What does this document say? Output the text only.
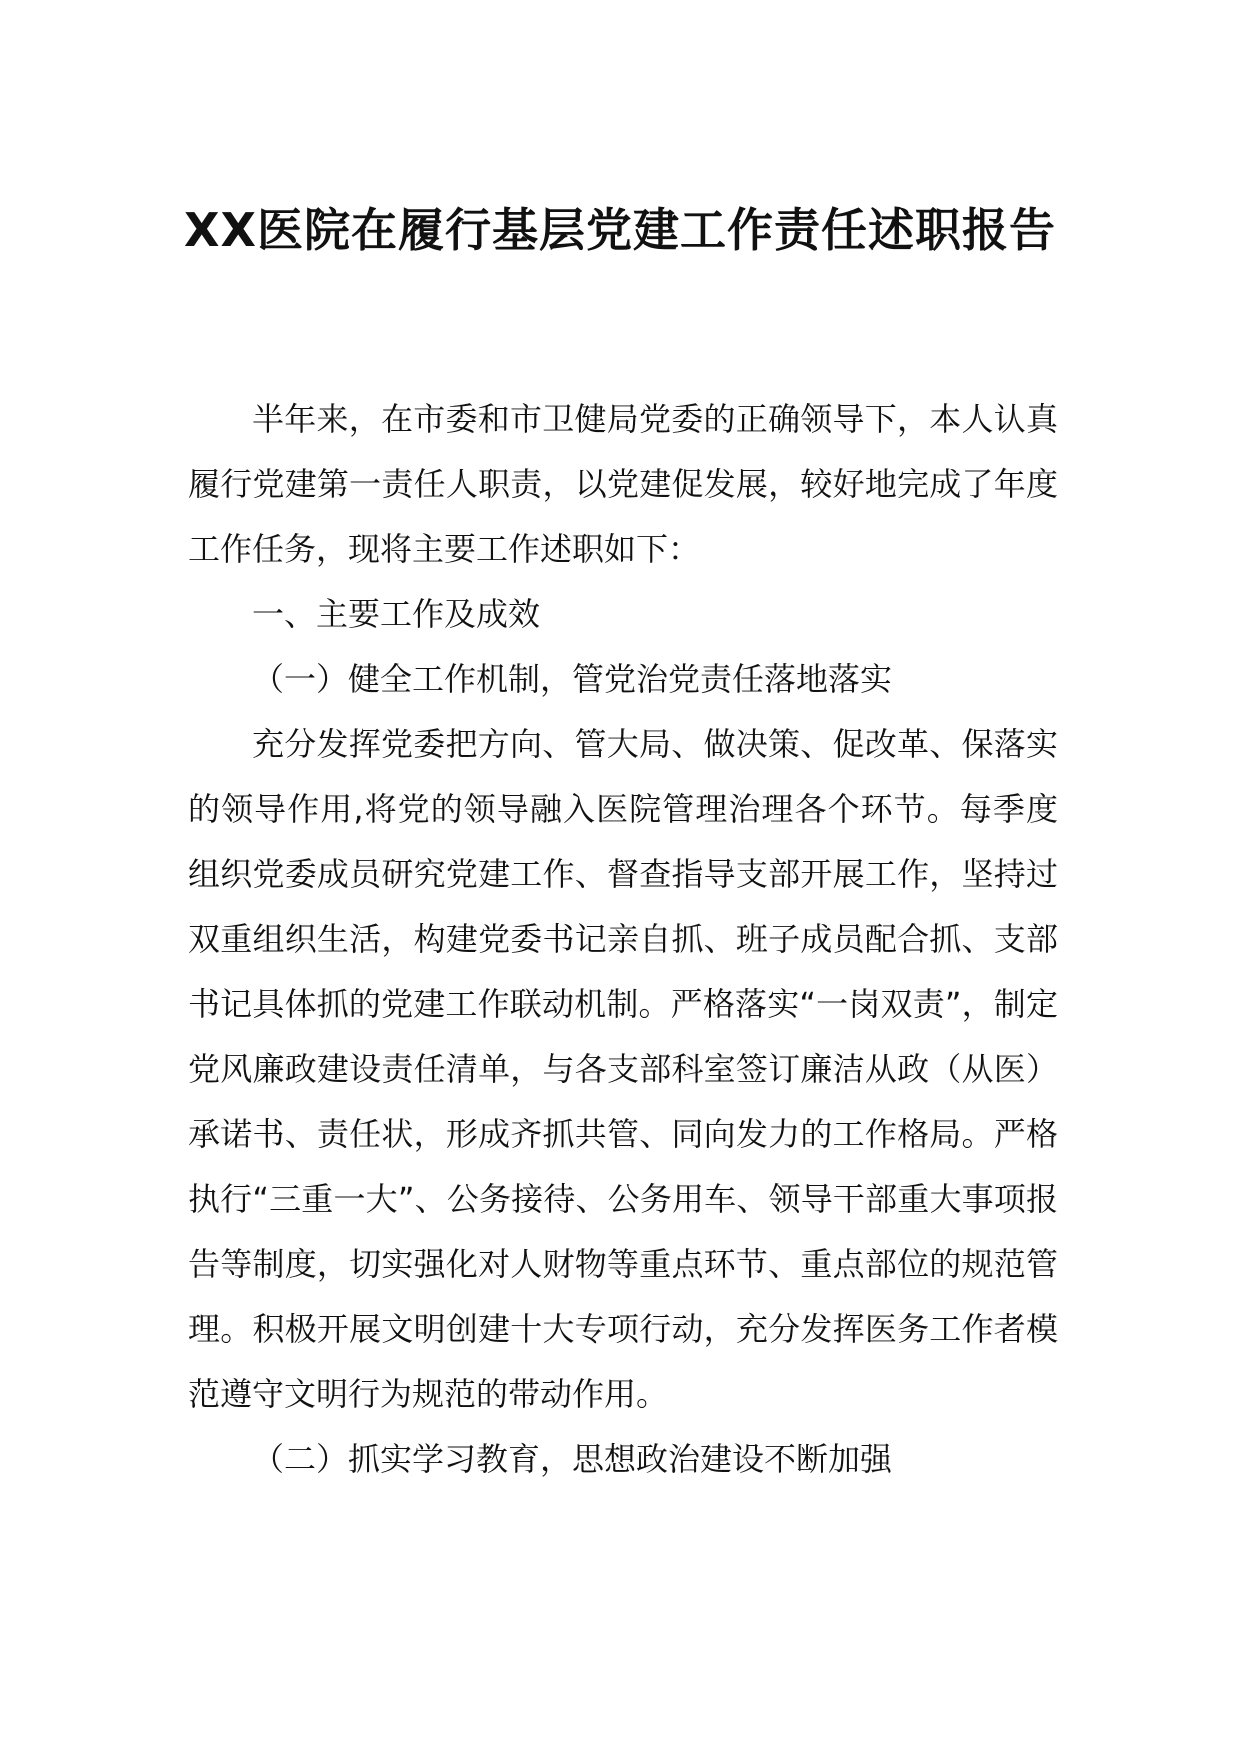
XX医院在履行基层党建工作责任述职报告

半年来，在市委和市卫健局党委的正确领导下，本人认真履行党建第一责任人职责，以党建促发展，较好地完成了年度工作任务，现将主要工作述职如下：

一、主要工作及成效

（一）健全工作机制，管党治党责任落地落实

充分发挥党委把方向、管大局、做决策、促改革、保落实的领导作用,将党的领导融入医院管理治理各个环节。每季度组织党委成员研究党建工作、督查指导支部开展工作，坚持过双重组织生活，构建党委书记亲自抓、班子成员配合抓、支部书记具体抓的党建工作联动机制。严格落实“一岗双责”，制定党风廉政建设责任清单，与各支部科室签订廉洁从政（从医）承诺书、责任状，形成齐抓共管、同向发力的工作格局。严格执行“三重一大”、公务接待、公务用车、领导干部重大事项报告等制度，切实强化对人财物等重点环节、重点部位的规范管理。积极开展文明创建十大专项行动，充分发挥医务工作者模范遵守文明行为规范的带动作用。

（二）抓实学习教育，思想政治建设不断加强
